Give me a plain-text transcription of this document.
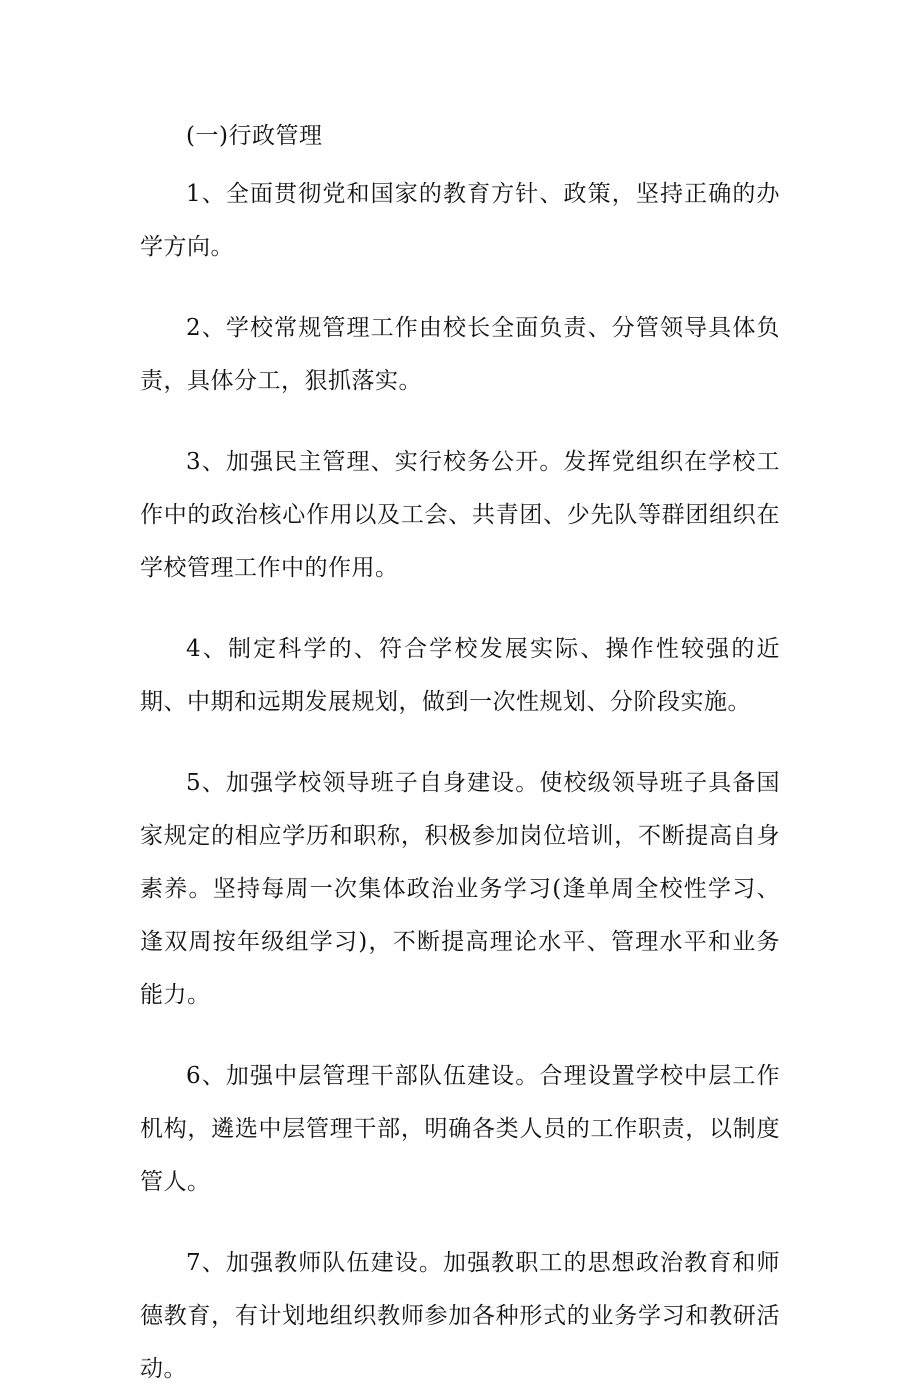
(一)行政管理

1、全面贯彻党和国家的教育方针、政策，坚持正确的办学方向。

2、学校常规管理工作由校长全面负责、分管领导具体负责，具体分工，狠抓落实。

3、加强民主管理、实行校务公开。发挥党组织在学校工作中的政治核心作用以及工会、共青团、少先队等群团组织在学校管理工作中的作用。

4、制定科学的、符合学校发展实际、操作性较强的近期、中期和远期发展规划，做到一次性规划、分阶段实施。

5、加强学校领导班子自身建设。使校级领导班子具备国家规定的相应学历和职称，积极参加岗位培训，不断提高自身素养。坚持每周一次集体政治业务学习(逢单周全校性学习、逢双周按年级组学习)，不断提高理论水平、管理水平和业务能力。

6、加强中层管理干部队伍建设。合理设置学校中层工作机构，遴选中层管理干部，明确各类人员的工作职责，以制度管人。

7、加强教师队伍建设。加强教职工的思想政治教育和师德教育，有计划地组织教师参加各种形式的业务学习和教研活动。
